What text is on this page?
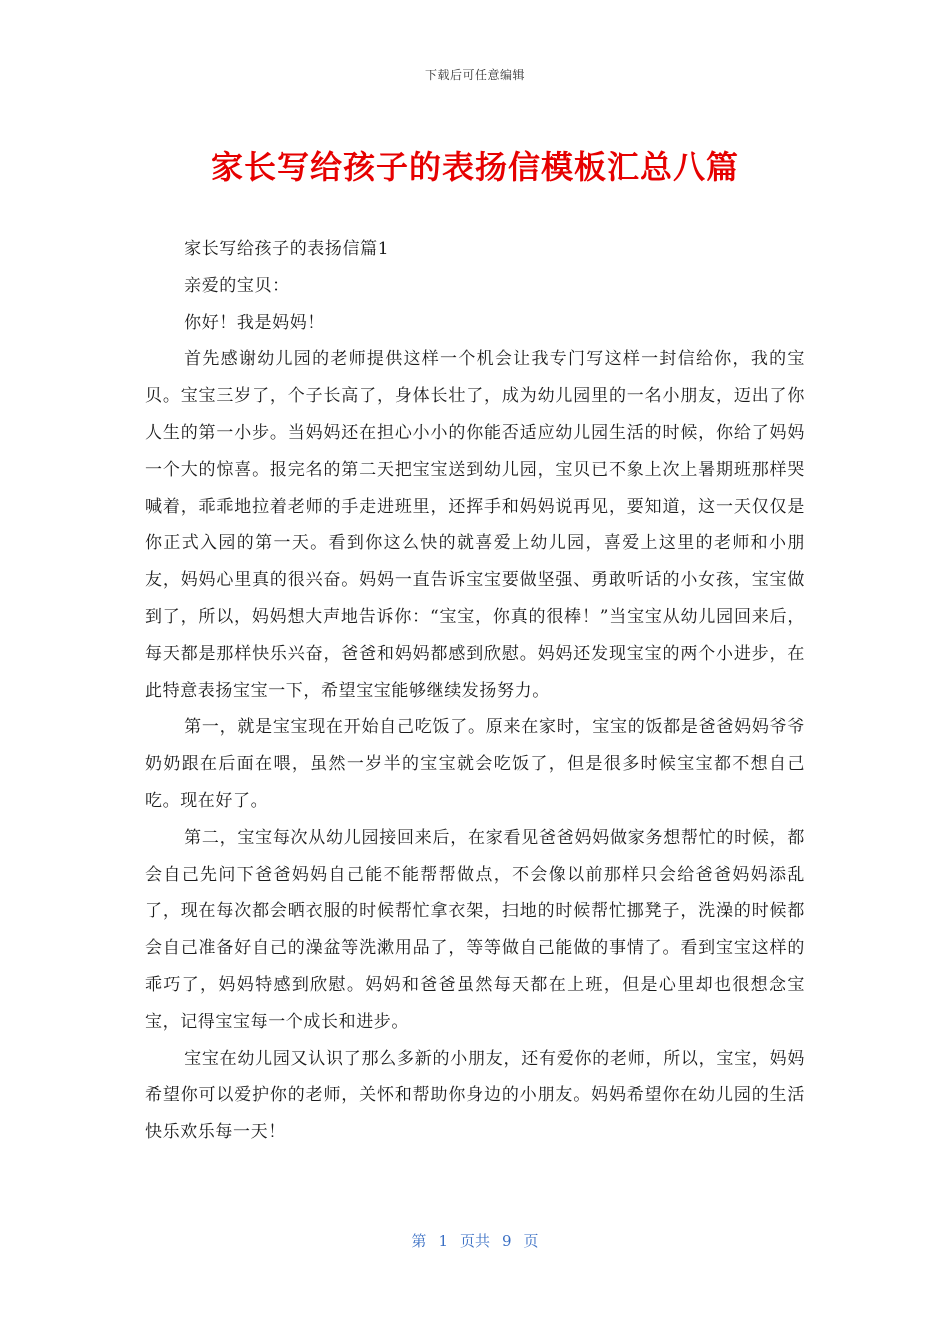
下载后可任意编辑
家长写给孩子的表扬信模板汇总八篇

家长写给孩子的表扬信篇1

亲爱的宝贝：

你好！我是妈妈！

首先感谢幼儿园的老师提供这样一个机会让我专门写这样一封信给你，我的宝贝。宝宝三岁了，个子长高了，身体长壮了，成为幼儿园里的一名小朋友，迈出了你人生的第一小步。当妈妈还在担心小小的你能否适应幼儿园生活的时候，你给了妈妈一个大的惊喜。报完名的第二天把宝宝送到幼儿园，宝贝已不象上次上暑期班那样哭喊着，乖乖地拉着老师的手走进班里，还挥手和妈妈说再见，要知道，这一天仅仅是你正式入园的第一天。看到你这么快的就喜爱上幼儿园，喜爱上这里的老师和小朋友，妈妈心里真的很兴奋。妈妈一直告诉宝宝要做坚强、勇敢听话的小女孩，宝宝做到了，所以，妈妈想大声地告诉你：“宝宝，你真的很棒！”当宝宝从幼儿园回来后，每天都是那样快乐兴奋，爸爸和妈妈都感到欣慰。妈妈还发现宝宝的两个小进步，在此特意表扬宝宝一下，希望宝宝能够继续发扬努力。

第一，就是宝宝现在开始自己吃饭了。原来在家时，宝宝的饭都是爸爸妈妈爷爷奶奶跟在后面在喂，虽然一岁半的宝宝就会吃饭了，但是很多时候宝宝都不想自己吃。现在好了。

第二，宝宝每次从幼儿园接回来后，在家看见爸爸妈妈做家务想帮忙的时候，都会自己先问下爸爸妈妈自己能不能帮帮做点，不会像以前那样只会给爸爸妈妈添乱了，现在每次都会晒衣服的时候帮忙拿衣架，扫地的时候帮忙挪凳子，洗澡的时候都会自己准备好自己的澡盆等洗漱用品了，等等做自己能做的事情了。看到宝宝这样的乖巧了，妈妈特感到欣慰。妈妈和爸爸虽然每天都在上班，但是心里却也很想念宝宝，记得宝宝每一个成长和进步。

宝宝在幼儿园又认识了那么多新的小朋友，还有爱你的老师，所以，宝宝，妈妈希望你可以爱护你的老师，关怀和帮助你身边的小朋友。妈妈希望你在幼儿园的生活快乐欢乐每一天！

第 1 页共 9 页
